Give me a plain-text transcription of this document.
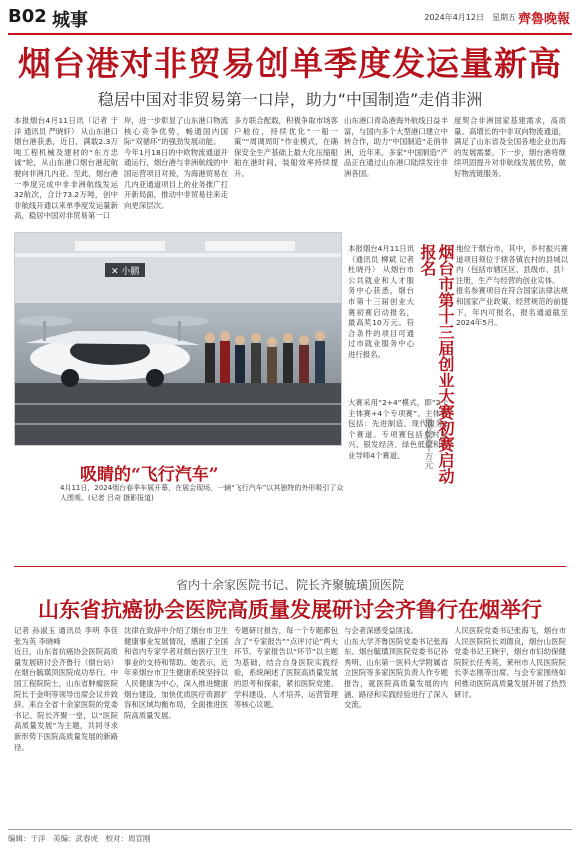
B02 城事	2024年4月12日　星期五 齊魯晚報
烟台港对非贸易创单季度发运量新高
稳居中国对非贸易第一口岸，助力“中国制造”走俏非洲
本报烟台4月11日讯（记者 于洋 通讯员 严晓轩） 从山东港口烟台港获悉，近日，满载2.3万吨工程机械及建材的“东方忠诚”轮，从山东港口烟台港起航驶向非洲几内亚。至此，烟台港一季度完成中非非洲航线发运32航次，合计73.2万吨，创中非航线开通以来单季度发运量新高，稳居中国对非贸易第一口
岸，进一步彰显了山东港口物流核心竞争优势，畅通国内国际“双循环”的强劲发展动能。
今年1月18日的中欧物流通道开通运行，烟台港与非洲航线的中国运营项目对接，为海港贸易在几内亚通道项目上的业务推广打开新局面，推动中非贸易往来走向更深层次。
多方联合配载，积极争取市场客户舱位，持续优化“一船一策”“周调周盯”作业模式，在确保安全生产基础上最大化压缩船舶在港时间，装船效率持续提升。
山东港口青岛港海外航线日益丰富，与国内多个大型港口建立中转合作，助力“中国制造”走俏非洲，近年来，多家“中国制造”产品正在通过山东港口陆续发往非洲各国。
度契合非洲国家基建需求，高质量、高增长的中非双向物流通道，满足了山东省及全国各地企业出海的发展需要。下一步，烟台港将继续巩固提升对非航线发展优势，做好物流链服务。
✕ 小鹏
吸睛的“飞行汽车”
4月11日，2024烟台春季车展开幕，在展会现场，一辆“飞行汽车”以其独特的外形吸引了众人围观。(记者 吕奇 摄影报道)
本报烟台4月11日讯（通讯员 柳斌 记者 杜晓丹） 从烟台市公共就业和人才服务中心获悉，烟台市第十三届创业大赛初赛启动报名，最高奖10万元。符合条件的项目可通过市就业服务中心进行报名。
大赛采用“2+4”模式，即“2个主体赛+4个专项赛”。主体赛包括：先进制造、现代服务2个赛道。专项赛包括乡村振兴、银发经济、绿色低碳和创业导师4个赛道。	烟台市第十三届创业大赛初赛启动报名
最高奖十万元
地位于烟台市，其中，乡村振兴赛道项目须位于辖各镇农村的县城以内（包括市辖区区、县级市、县）注册，生产与经营的创业实体。
报名参赛项目在符合国家法律法规和国家产业政策、经营规范的前提下，年内可报名，报名通道截至2024年5月。
省内十余家医院书记、院长齐聚毓璜顶医院
山东省抗癌协会医院高质量发展研讨会齐鲁行在烟举行
记者 孙淑玉 通讯员 李明 李佳 张为英 李晓峰
近日，山东省抗癌协会医院高质量发展研讨会齐鲁行（烟台站）在烟台毓璜顶医院成功举行。中国工程院院士，山东省肿瘤医院院长于金明等领导出席会议并致辞。来自全省十余家医院的党委书记、院长齐聚一堂，以“医院高质量发展”为主题，共同寻求新形势下医院高质量发展的新路径。
沈律在致辞中介绍了烟台市卫生健康事业发展情况，感谢了全国和省内专家学者对烟台医疗卫生事业的支持和帮助。她表示，近年来烟台市卫生健康系统坚持以人民健康为中心，深入推进健康烟台建设，加快优质医疗资源扩容和区域均衡布局，全面推进医院高质量发展。
专题研讨报告，每一个专题都包含了“专家报告”“点评讨论”两大环节。专家报告以“环节”以主题为基础，结合自身医院实践经验，系统阐述了医院高质量发展的思考和探索，紧扣医院党建、学科建设、人才培养、运营管理等核心议题。
与会者深感受益匪浅。
山东大学齐鲁医院党委书记张海东、烟台毓璜顶医院党委书记孙秀明、山东第一医科大学附属省立医院等多家医院负责人作专题报告，就医院高质量发展的内涵、路径和实践经验进行了深入交流。
人民医院党委书记张海飞，烟台市人民医院院长刘德良，烟台山医院党委书记王晓宇，烟台市妇幼保健院院长任秀英，莱州市人民医院院长李志刚等出席。与会专家围绕如何推动医院高质量发展开展了热烈研讨。
编辑：于洋　美编：武春虎　校对：周宣刚
